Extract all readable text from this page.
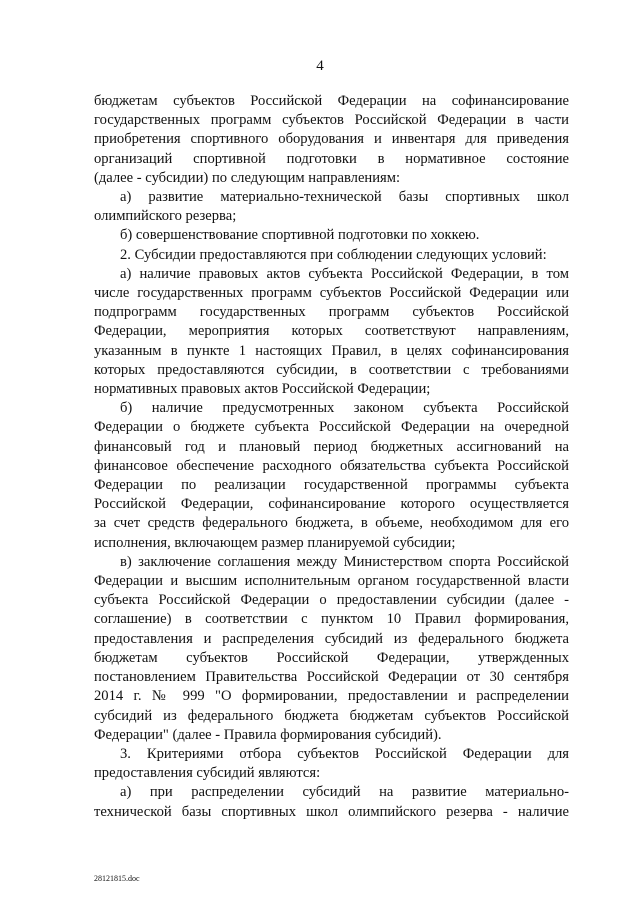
4
бюджетам субъектов Российской Федерации на софинансирование
государственных программ субъектов Российской Федерации в части
приобретения спортивного оборудования и инвентаря для приведения
организаций спортивной подготовки в нормативное состояние
(далее - субсидии) по следующим направлениям:
а) развитие материально-технической базы спортивных школ
олимпийского резерва;
б) совершенствование спортивной подготовки по хоккею.
2. Субсидии предоставляются при соблюдении следующих условий:
а) наличие правовых актов субъекта Российской Федерации, в том
числе государственных программ субъектов Российской Федерации или
подпрограмм государственных программ субъектов Российской
Федерации, мероприятия которых соответствуют направлениям,
указанным в пункте 1 настоящих Правил, в целях софинансирования
которых предоставляются субсидии, в соответствии с требованиями
нормативных правовых актов Российской Федерации;
б) наличие предусмотренных законом субъекта Российской
Федерации о бюджете субъекта Российской Федерации на очередной
финансовый год и плановый период бюджетных ассигнований на
финансовое обеспечение расходного обязательства субъекта Российской
Федерации по реализации государственной программы субъекта
Российской Федерации, софинансирование которого осуществляется
за счет средств федерального бюджета, в объеме, необходимом для его
исполнения, включающем размер планируемой субсидии;
в) заключение соглашения между Министерством спорта Российской
Федерации и высшим исполнительным органом государственной власти
субъекта Российской Федерации о предоставлении субсидии (далее -
соглашение) в соответствии с пунктом 10 Правил формирования,
предоставления и распределения субсидий из федерального бюджета
бюджетам субъектов Российской Федерации, утвержденных
постановлением Правительства Российской Федерации от 30 сентября
2014 г. № 999 "О формировании, предоставлении и распределении
субсидий из федерального бюджета бюджетам субъектов Российской
Федерации" (далее - Правила формирования субсидий).
3. Критериями отбора субъектов Российской Федерации для
предоставления субсидий являются:
а) при распределении субсидий на развитие материально-
технической базы спортивных школ олимпийского резерва - наличие
28121815.doc
